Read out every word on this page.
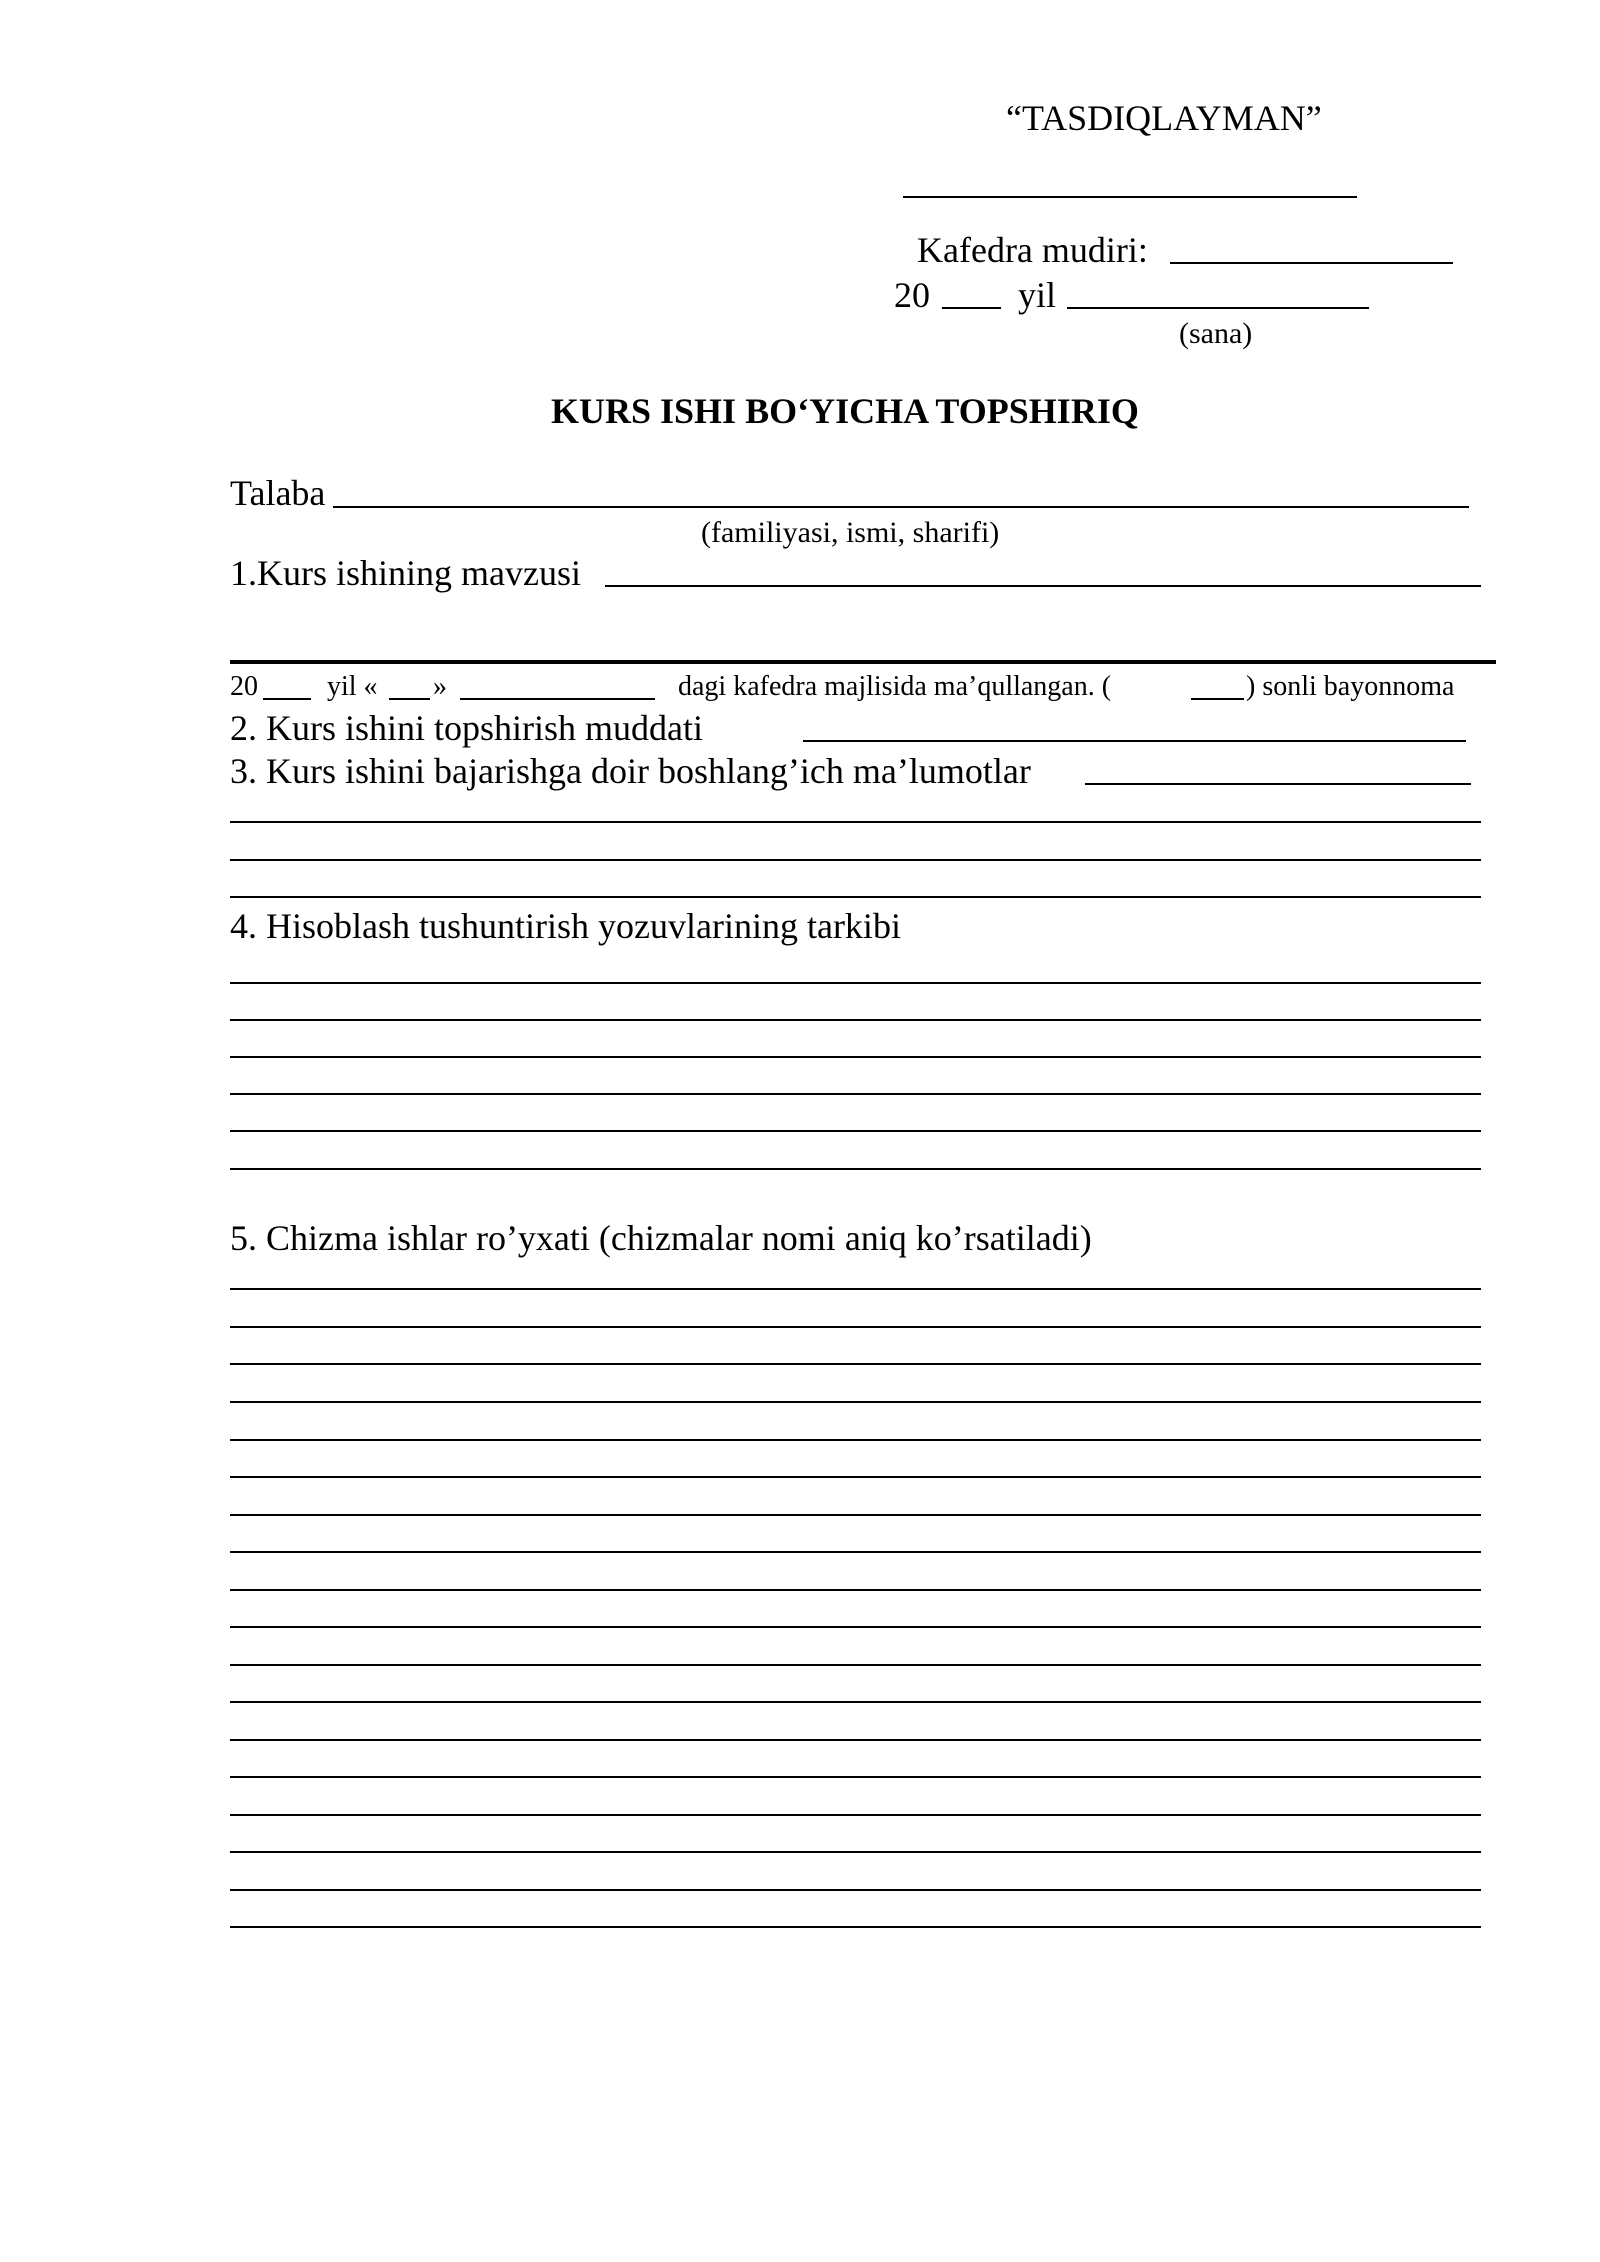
“TASDIQLAYMAN”
Kafedra mudiri:
20 yil
(sana)
KURS ISHI BO‘YICHA TOPSHIRIQ
Talaba
(familiyasi, ismi, sharifi)
1.Kurs ishining mavzusi
20 yil « »	dagi kafedra majlisida ma’qullangan. (	) sonli bayonnoma
2. Kurs ishini topshirish muddati
3. Kurs ishini bajarishga doir boshlang’ich ma’lumotlar
4. Hisoblash tushuntirish yozuvlarining tarkibi
5. Chizma ishlar ro’yxati (chizmalar nomi aniq ko’rsatiladi)
